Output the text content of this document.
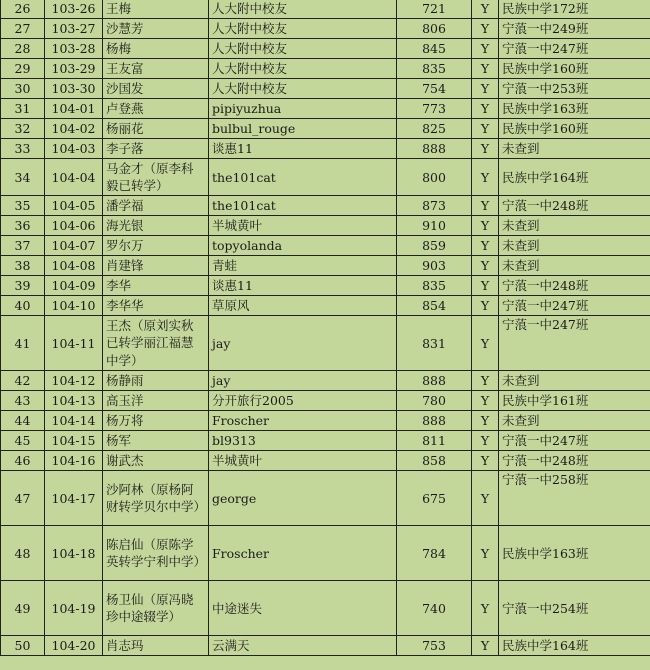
26	103-26	王梅	人大附中校友	721	Y	民族中学172班
27	103-27	沙慧芳	人大附中校友	806	Y	宁蒗一中249班
28	103-28	杨梅	人大附中校友	845	Y	宁蒗一中247班
29	103-29	王友富	人大附中校友	835	Y	民族中学160班
30	103-30	沙国发	人大附中校友	754	Y	宁蒗一中253班
31	104-01	卢登燕	pipiyuzhua	773	Y	民族中学163班
32	104-02	杨丽花	bulbul_rouge	825	Y	民族中学160班
33	104-03	李子落	谈惠11	888	Y	未查到
34	104-04	马金才（原李科毅已转学）	the101cat	800	Y	民族中学164班
35	104-05	潘学福	the101cat	873	Y	宁蒗一中248班
36	104-06	海光银	半城黄叶	910	Y	未查到
37	104-07	罗尔万	topyolanda	859	Y	未查到
38	104-08	肖建锋	青蛙	903	Y	未查到
39	104-09	李华	谈惠11	835	Y	宁蒗一中248班
40	104-10	李华华	草原风	854	Y	宁蒗一中247班
41	104-11	王杰（原刘实秋已转学丽江福慧中学）	jay	831	Y	宁蒗一中247班
42	104-12	杨静雨	jay	888	Y	未查到
43	104-13	高玉洋	分开旅行2005	780	Y	民族中学161班
44	104-14	杨万将	Froscher	888	Y	未查到
45	104-15	杨军	bl9313	811	Y	宁蒗一中247班
46	104-16	谢武杰	半城黄叶	858	Y	宁蒗一中248班
47	104-17	沙阿林（原杨阿财转学贝尔中学）	george	675	Y	宁蒗一中258班
48	104-18	陈启仙（原陈学英转学宁利中学）	Froscher	784	Y	民族中学163班
49	104-19	杨卫仙（原冯晓珍中途辍学）	中途迷失	740	Y	宁蒗一中254班
50	104-20	肖志玛	云满天	753	Y	民族中学164班
